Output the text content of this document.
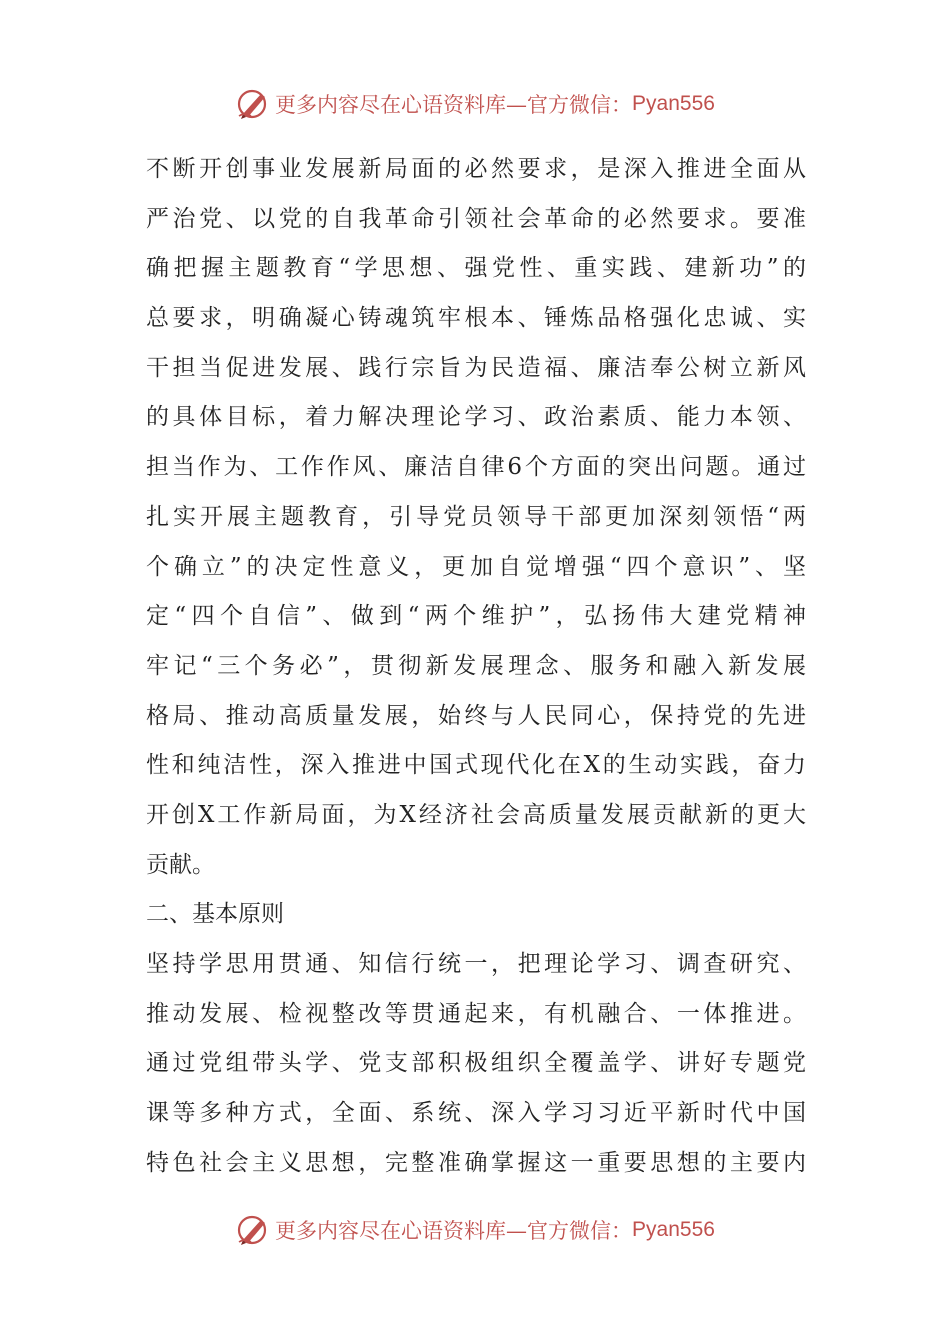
更多内容尽在心语资料库—官方微信： Pyan556
不断开创事业发展新局面的必然要求，是深入推进全面从
严治党、以党的自我革命引领社会革命的必然要求。要准
确把握主题教育“学思想、强党性、重实践、建新功”的
总要求，明确凝心铸魂筑牢根本、锤炼品格强化忠诚、实
干担当促进发展、践行宗旨为民造福、廉洁奉公树立新风
的具体目标，着力解决理论学习、政治素质、能力本领、
担当作为、工作作风、廉洁自律6个方面的突出问题。通过
扎实开展主题教育，引导党员领导干部更加深刻领悟“两
个确立”的决定性意义，更加自觉增强“四个意识”、坚
定“四个自信”、做到“两个维护”，弘扬伟大建党精神
牢记“三个务必”，贯彻新发展理念、服务和融入新发展
格局、推动高质量发展，始终与人民同心，保持党的先进
性和纯洁性，深入推进中国式现代化在X的生动实践，奋力
开创X工作新局面，为X经济社会高质量发展贡献新的更大
贡献。
二、基本原则
坚持学思用贯通、知信行统一，把理论学习、调查研究、
推动发展、检视整改等贯通起来，有机融合、一体推进。
通过党组带头学、党支部积极组织全覆盖学、讲好专题党
课等多种方式，全面、系统、深入学习习近平新时代中国
特色社会主义思想，完整准确掌握这一重要思想的主要内
更多内容尽在心语资料库—官方微信： Pyan556
